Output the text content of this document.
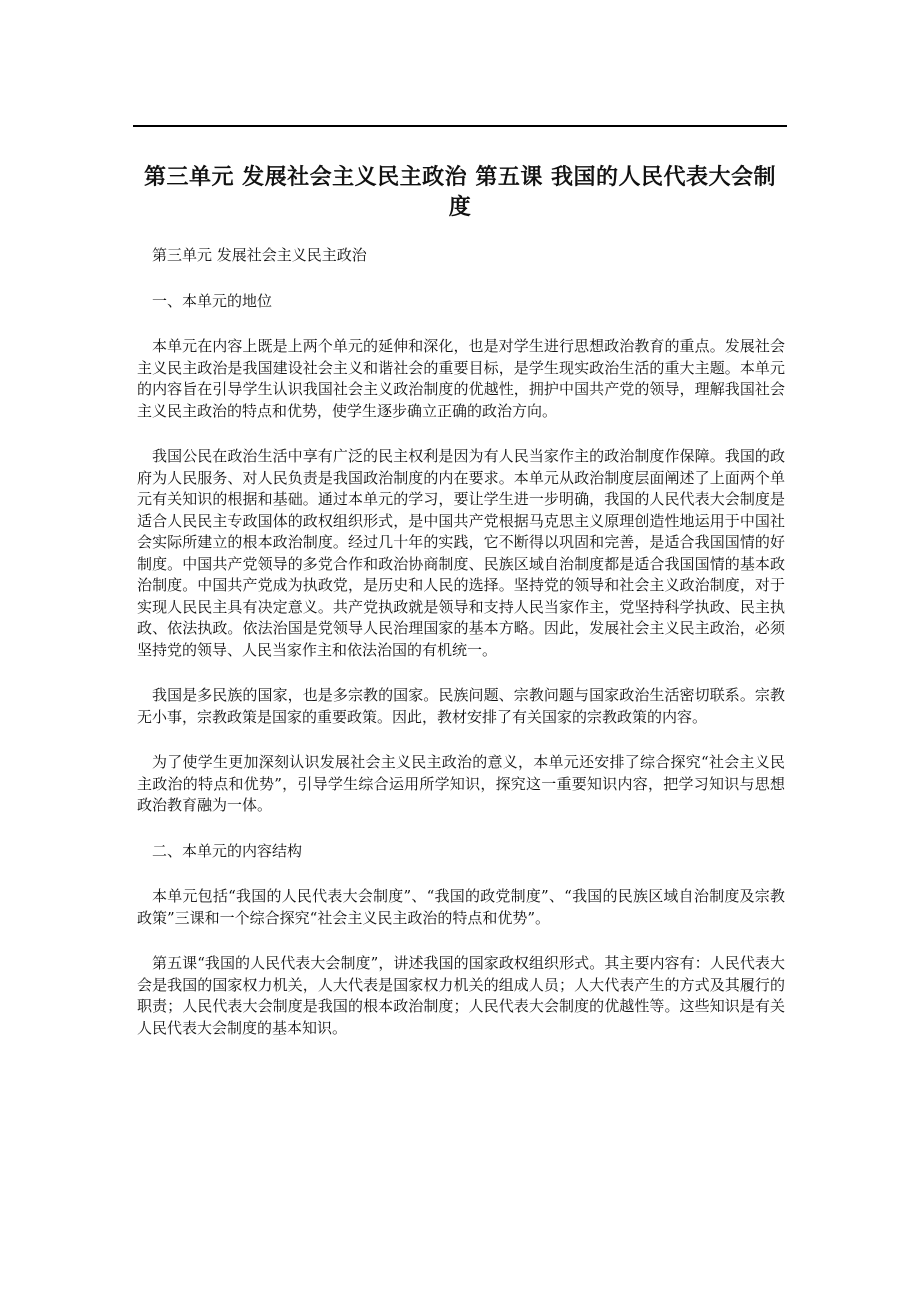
第三单元 发展社会主义民主政治 第五课 我国的人民代表大会制度

第三单元 发展社会主义民主政治

一、本单元的地位

本单元在内容上既是上两个单元的延伸和深化，也是对学生进行思想政治教育的重点。发展社会主义民主政治是我国建设社会主义和谐社会的重要目标，是学生现实政治生活的重大主题。本单元的内容旨在引导学生认识我国社会主义政治制度的优越性，拥护中国共产党的领导，理解我国社会主义民主政治的特点和优势，使学生逐步确立正确的政治方向。

我国公民在政治生活中享有广泛的民主权利是因为有人民当家作主的政治制度作保障。我国的政府为人民服务、对人民负责是我国政治制度的内在要求。本单元从政治制度层面阐述了上面两个单元有关知识的根据和基础。通过本单元的学习，要让学生进一步明确，我国的人民代表大会制度是适合人民民主专政国体的政权组织形式，是中国共产党根据马克思主义原理创造性地运用于中国社会实际所建立的根本政治制度。经过几十年的实践，它不断得以巩固和完善，是适合我国国情的好制度。中国共产党领导的多党合作和政治协商制度、民族区域自治制度都是适合我国国情的基本政治制度。中国共产党成为执政党，是历史和人民的选择。坚持党的领导和社会主义政治制度，对于实现人民民主具有决定意义。共产党执政就是领导和支持人民当家作主，党坚持科学执政、民主执政、依法执政。依法治国是党领导人民治理国家的基本方略。因此，发展社会主义民主政治，必须坚持党的领导、人民当家作主和依法治国的有机统一。

我国是多民族的国家，也是多宗教的国家。民族问题、宗教问题与国家政治生活密切联系。宗教无小事，宗教政策是国家的重要政策。因此，教材安排了有关国家的宗教政策的内容。

为了使学生更加深刻认识发展社会主义民主政治的意义，本单元还安排了综合探究“社会主义民主政治的特点和优势”，引导学生综合运用所学知识，探究这一重要知识内容，把学习知识与思想政治教育融为一体。

二、本单元的内容结构

本单元包括“我国的人民代表大会制度”、“我国的政党制度”、“我国的民族区域自治制度及宗教政策”三课和一个综合探究“社会主义民主政治的特点和优势”。

第五课“我国的人民代表大会制度”，讲述我国的国家政权组织形式。其主要内容有：人民代表大会是我国的国家权力机关，人大代表是国家权力机关的组成人员；人大代表产生的方式及其履行的职责；人民代表大会制度是我国的根本政治制度；人民代表大会制度的优越性等。这些知识是有关人民代表大会制度的基本知识。
